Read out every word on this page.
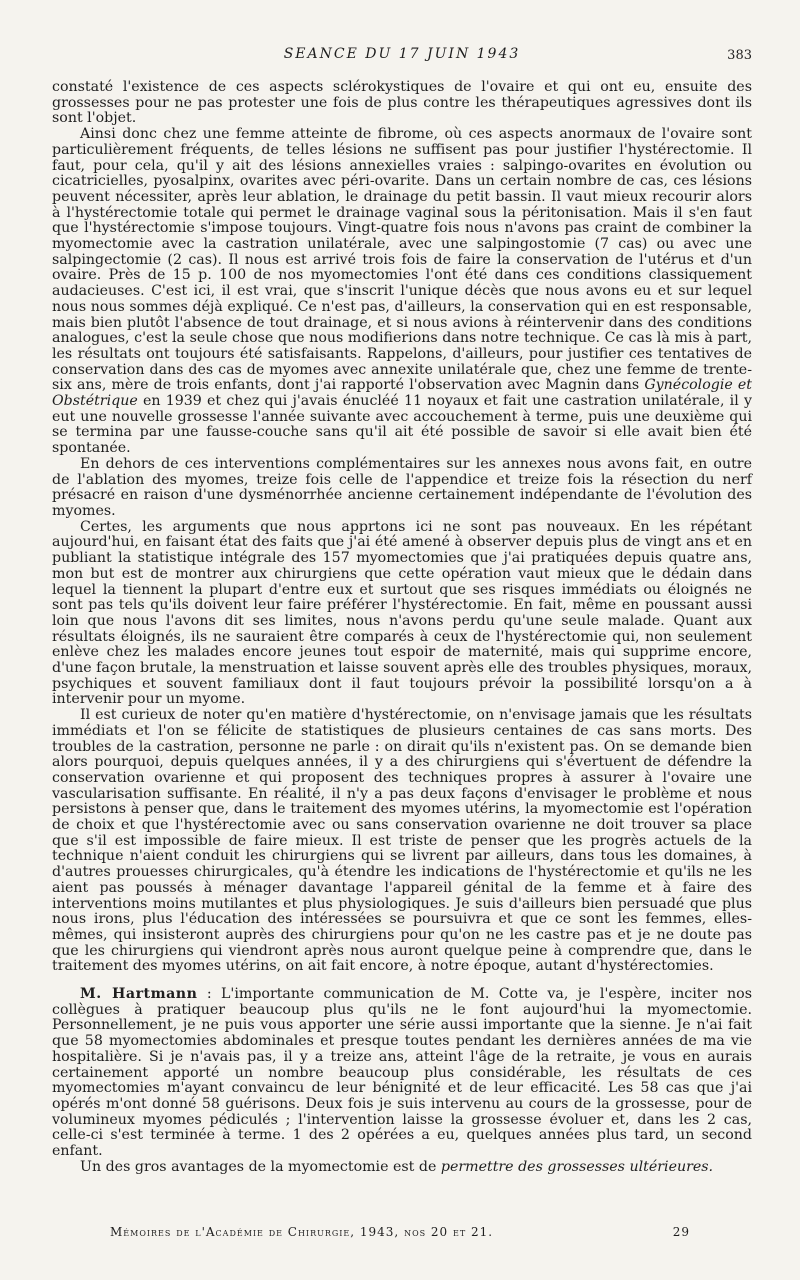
SEANCE DU 17 JUIN 1943	383

constaté l'existence de ces aspects sclérokystiques de l'ovaire et qui ont eu, ensuite des grossesses pour ne pas protester une fois de plus contre les thérapeutiques agressives dont ils sont l'objet.

Ainsi donc chez une femme atteinte de fibrome, où ces aspects anormaux de l'ovaire sont particulièrement fréquents, de telles lésions ne suffisent pas pour justifier l'hystérectomie. Il faut, pour cela, qu'il y ait des lésions annexielles vraies : salpingo-ovarites en évolution ou cicatricielles, pyosalpinx, ovarites avec péri-ovarite. Dans un certain nombre de cas, ces lésions peuvent nécessiter, après leur ablation, le drainage du petit bassin. Il vaut mieux recourir alors à l'hystérectomie totale qui permet le drainage vaginal sous la péritonisation. Mais il s'en faut que l'hystérectomie s'impose toujours. Vingt-quatre fois nous n'avons pas craint de combiner la myomectomie avec la castration unilatérale, avec une salpingostomie (7 cas) ou avec une salpingectomie (2 cas). Il nous est arrivé trois fois de faire la conservation de l'utérus et d'un ovaire. Près de 15 p. 100 de nos myomectomies l'ont été dans ces conditions classiquement audacieuses. C'est ici, il est vrai, que s'inscrit l'unique décès que nous avons eu et sur lequel nous nous sommes déjà expliqué. Ce n'est pas, d'ailleurs, la conservation qui en est responsable, mais bien plutôt l'absence de tout drainage, et si nous avions à réintervenir dans des conditions analogues, c'est la seule chose que nous modifierions dans notre technique. Ce cas là mis à part, les résultats ont toujours été satisfaisants. Rappelons, d'ailleurs, pour justifier ces tentatives de conservation dans des cas de myomes avec annexite unilatérale que, chez une femme de trente-six ans, mère de trois enfants, dont j'ai rapporté l'observation avec Magnin dans Gynécologie et Obstétrique en 1939 et chez qui j'avais énucléé 11 noyaux et fait une castration unilatérale, il y eut une nouvelle grossesse l'année suivante avec accouchement à terme, puis une deuxième qui se termina par une fausse-couche sans qu'il ait été possible de savoir si elle avait bien été spontanée.

En dehors de ces interventions complémentaires sur les annexes nous avons fait, en outre de l'ablation des myomes, treize fois celle de l'appendice et treize fois la résection du nerf présacré en raison d'une dysménorrhée ancienne certainement indépendante de l'évolution des myomes.

Certes, les arguments que nous apprtons ici ne sont pas nouveaux. En les répétant aujourd'hui, en faisant état des faits que j'ai été amené à observer depuis plus de vingt ans et en publiant la statistique intégrale des 157 myomectomies que j'ai pratiquées depuis quatre ans, mon but est de montrer aux chirurgiens que cette opération vaut mieux que le dédain dans lequel la tiennent la plupart d'entre eux et surtout que ses risques immédiats ou éloignés ne sont pas tels qu'ils doivent leur faire préférer l'hystérectomie. En fait, même en poussant aussi loin que nous l'avons dit ses limites, nous n'avons perdu qu'une seule malade. Quant aux résultats éloignés, ils ne sauraient être comparés à ceux de l'hystérectomie qui, non seulement enlève chez les malades encore jeunes tout espoir de maternité, mais qui supprime encore, d'une façon brutale, la menstruation et laisse souvent après elle des troubles physiques, moraux, psychiques et souvent familiaux dont il faut toujours prévoir la possibilité lorsqu'on a à intervenir pour un myome.

Il est curieux de noter qu'en matière d'hystérectomie, on n'envisage jamais que les résultats immédiats et l'on se félicite de statistiques de plusieurs centaines de cas sans morts. Des troubles de la castration, personne ne parle : on dirait qu'ils n'existent pas. On se demande bien alors pourquoi, depuis quelques années, il y a des chirurgiens qui s'évertuent de défendre la conservation ovarienne et qui proposent des techniques propres à assurer à l'ovaire une vascularisation suffisante. En réalité, il n'y a pas deux façons d'envisager le problème et nous persistons à penser que, dans le traitement des myomes utérins, la myomectomie est l'opération de choix et que l'hystérectomie avec ou sans conservation ovarienne ne doit trouver sa place que s'il est impossible de faire mieux. Il est triste de penser que les progrès actuels de la technique n'aient conduit les chirurgiens qui se livrent par ailleurs, dans tous les domaines, à d'autres prouesses chirurgicales, qu'à étendre les indications de l'hystérectomie et qu'ils ne les aient pas poussés à ménager davantage l'appareil génital de la femme et à faire des interventions moins mutilantes et plus physiologiques. Je suis d'ailleurs bien persuadé que plus nous irons, plus l'éducation des intéressées se poursuivra et que ce sont les femmes, elles-mêmes, qui insisteront auprès des chirurgiens pour qu'on ne les castre pas et je ne doute pas que les chirurgiens qui viendront après nous auront quelque peine à comprendre que, dans le traitement des myomes utérins, on ait fait encore, à notre époque, autant d'hystérectomies.

M. Hartmann : L'importante communication de M. Cotte va, je l'espère, inciter nos collègues à pratiquer beaucoup plus qu'ils ne le font aujourd'hui la myomectomie. Personnellement, je ne puis vous apporter une série aussi importante que la sienne. Je n'ai fait que 58 myomectomies abdominales et presque toutes pendant les dernières années de ma vie hospitalière. Si je n'avais pas, il y a treize ans, atteint l'âge de la retraite, je vous en aurais certainement apporté un nombre beaucoup plus considérable, les résultats de ces myomectomies m'ayant convaincu de leur bénignité et de leur efficacité. Les 58 cas que j'ai opérés m'ont donné 58 guérisons. Deux fois je suis intervenu au cours de la grossesse, pour de volumineux myomes pédiculés ; l'intervention laisse la grossesse évoluer et, dans les 2 cas, celle-ci s'est terminée à terme. 1 des 2 opérées a eu, quelques années plus tard, un second enfant.

Un des gros avantages de la myomectomie est de permettre des grossesses ultérieures.

Mémoires de l'Académie de Chirurgie, 1943, nos 20 et 21.	29
